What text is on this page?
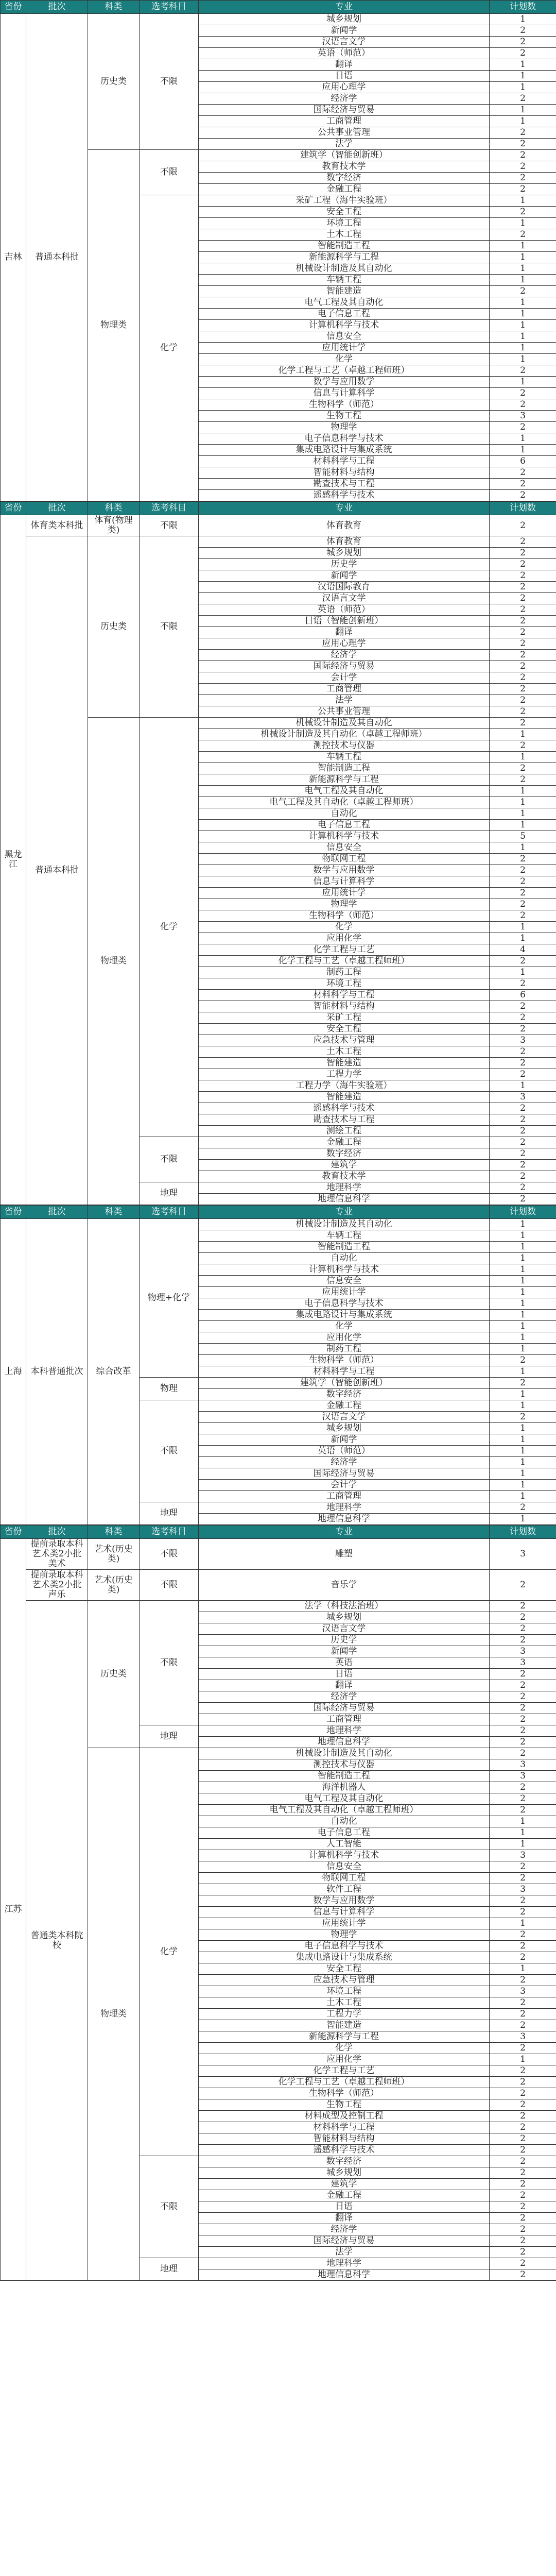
省份	批次	科类	选考科目	专业	计划数
吉林	普通本科批	历史类	不限	城乡规划	1
				新闻学	2
				汉语言文学	2
				英语（师范）	2
				翻译	1
				日语	1
				应用心理学	1
				经济学	2
				国际经济与贸易	1
				工商管理	1
				公共事业管理	2
				法学	2
		物理类	不限	建筑学（智能创新班）	2
				教育技术学	2
				数字经济	2
				金融工程	2
			化学	采矿工程（海牛实验班）	1
				安全工程	2
				环境工程	1
				土木工程	2
				智能制造工程	1
				新能源科学与工程	1
				机械设计制造及其自动化	1
				车辆工程	1
				智能建造	2
				电气工程及其自动化	1
				电子信息工程	1
				计算机科学与技术	1
				信息安全	1
				应用统计学	1
				化学	1
				化学工程与工艺（卓越工程师班）	2
				数学与应用数学	1
				信息与计算科学	2
				生物科学（师范）	2
				生物工程	3
				物理学	2
				电子信息科学与技术	1
				集成电路设计与集成系统	1
				材料科学与工程	6
				智能材料与结构	2
				勘查技术与工程	2
				遥感科学与技术	2
省份	批次	科类	选考科目	专业	计划数
黑龙江	体育类本科批	体育(物理类)	不限	体育教育	2
	普通本科批	历史类	不限	体育教育	2
				城乡规划	2
				历史学	2
				新闻学	2
				汉语国际教育	2
				汉语言文学	2
				英语（师范）	2
				日语（智能创新班）	2
				翻译	2
				应用心理学	2
				经济学	2
				国际经济与贸易	2
				会计学	2
				工商管理	2
				法学	2
				公共事业管理	2
		物理类	化学	机械设计制造及其自动化	2
				机械设计制造及其自动化（卓越工程师班）	1
				测控技术与仪器	2
				车辆工程	1
				智能制造工程	2
				新能源科学与工程	2
				电气工程及其自动化	1
				电气工程及其自动化（卓越工程师班）	1
				自动化	1
				电子信息工程	1
				计算机科学与技术	5
				信息安全	1
				物联网工程	2
				数学与应用数学	2
				信息与计算科学	2
				应用统计学	2
				物理学	2
				生物科学（师范）	2
				化学	1
				应用化学	1
				化学工程与工艺	4
				化学工程与工艺（卓越工程师班）	2
				制药工程	1
				环境工程	2
				材料科学与工程	6
				智能材料与结构	2
				采矿工程	2
				安全工程	2
				应急技术与管理	3
				土木工程	2
				智能建造	2
				工程力学	2
				工程力学（海牛实验班）	1
				智能建造	3
				遥感科学与技术	2
				勘查技术与工程	2
				测绘工程	2
			不限	金融工程	2
				数字经济	2
				建筑学	2
				教育技术学	2
			地理	地理科学	2
				地理信息科学	2
省份	批次	科类	选考科目	专业	计划数
上海	本科普通批次	综合改革	物理+化学	机械设计制造及其自动化	1
				车辆工程	1
				智能制造工程	1
				自动化	1
				计算机科学与技术	1
				信息安全	1
				应用统计学	1
				电子信息科学与技术	1
				集成电路设计与集成系统	1
				化学	1
				应用化学	1
				制药工程	1
				生物科学（师范）	2
				材料科学与工程	1
			物理	建筑学（智能创新班）	2
				数字经济	1
			不限	金融工程	1
				汉语言文学	2
				城乡规划	1
				新闻学	1
				英语（师范）	1
				经济学	1
				国际经济与贸易	1
				会计学	1
				工商管理	1
			地理	地理科学	2
				地理信息科学	1
省份	批次	科类	选考科目	专业	计划数
江苏	提前录取本科艺术类2小批 美术	艺术(历史类)	不限	雕塑	3
	提前录取本科艺术类2小批 声乐	艺术(历史类)	不限	音乐学	2
	普通类本科院校	历史类	不限	法学（科技法治班）	2
				城乡规划	2
				汉语言文学	2
				历史学	2
				新闻学	3
				英语	3
				日语	2
				翻译	2
				经济学	2
				国际经济与贸易	2
				工商管理	2
			地理	地理科学	2
				地理信息科学	2
		物理类	化学	机械设计制造及其自动化	2
				测控技术与仪器	3
				智能制造工程	3
				海洋机器人	2
				电气工程及其自动化	2
				电气工程及其自动化（卓越工程师班）	2
				自动化	1
				电子信息工程	1
				人工智能	1
				计算机科学与技术	3
				信息安全	2
				物联网工程	2
				软件工程	3
				数学与应用数学	2
				信息与计算科学	2
				应用统计学	1
				物理学	2
				电子信息科学与技术	2
				集成电路设计与集成系统	2
				安全工程	1
				应急技术与管理	2
				环境工程	3
				土木工程	2
				工程力学	2
				智能建造	2
				新能源科学与工程	3
				化学	2
				应用化学	1
				化学工程与工艺	2
				化学工程与工艺（卓越工程师班）	2
				生物科学（师范）	2
				生物工程	2
				材料成型及控制工程	2
				材料科学与工程	2
				智能材料与结构	2
				遥感科学与技术	2
			不限	数字经济	2
				城乡规划	2
				建筑学	2
				金融工程	2
				日语	2
				翻译	2
				经济学	2
				国际经济与贸易	2
				法学	2
			地理	地理科学	2
				地理信息科学	2
